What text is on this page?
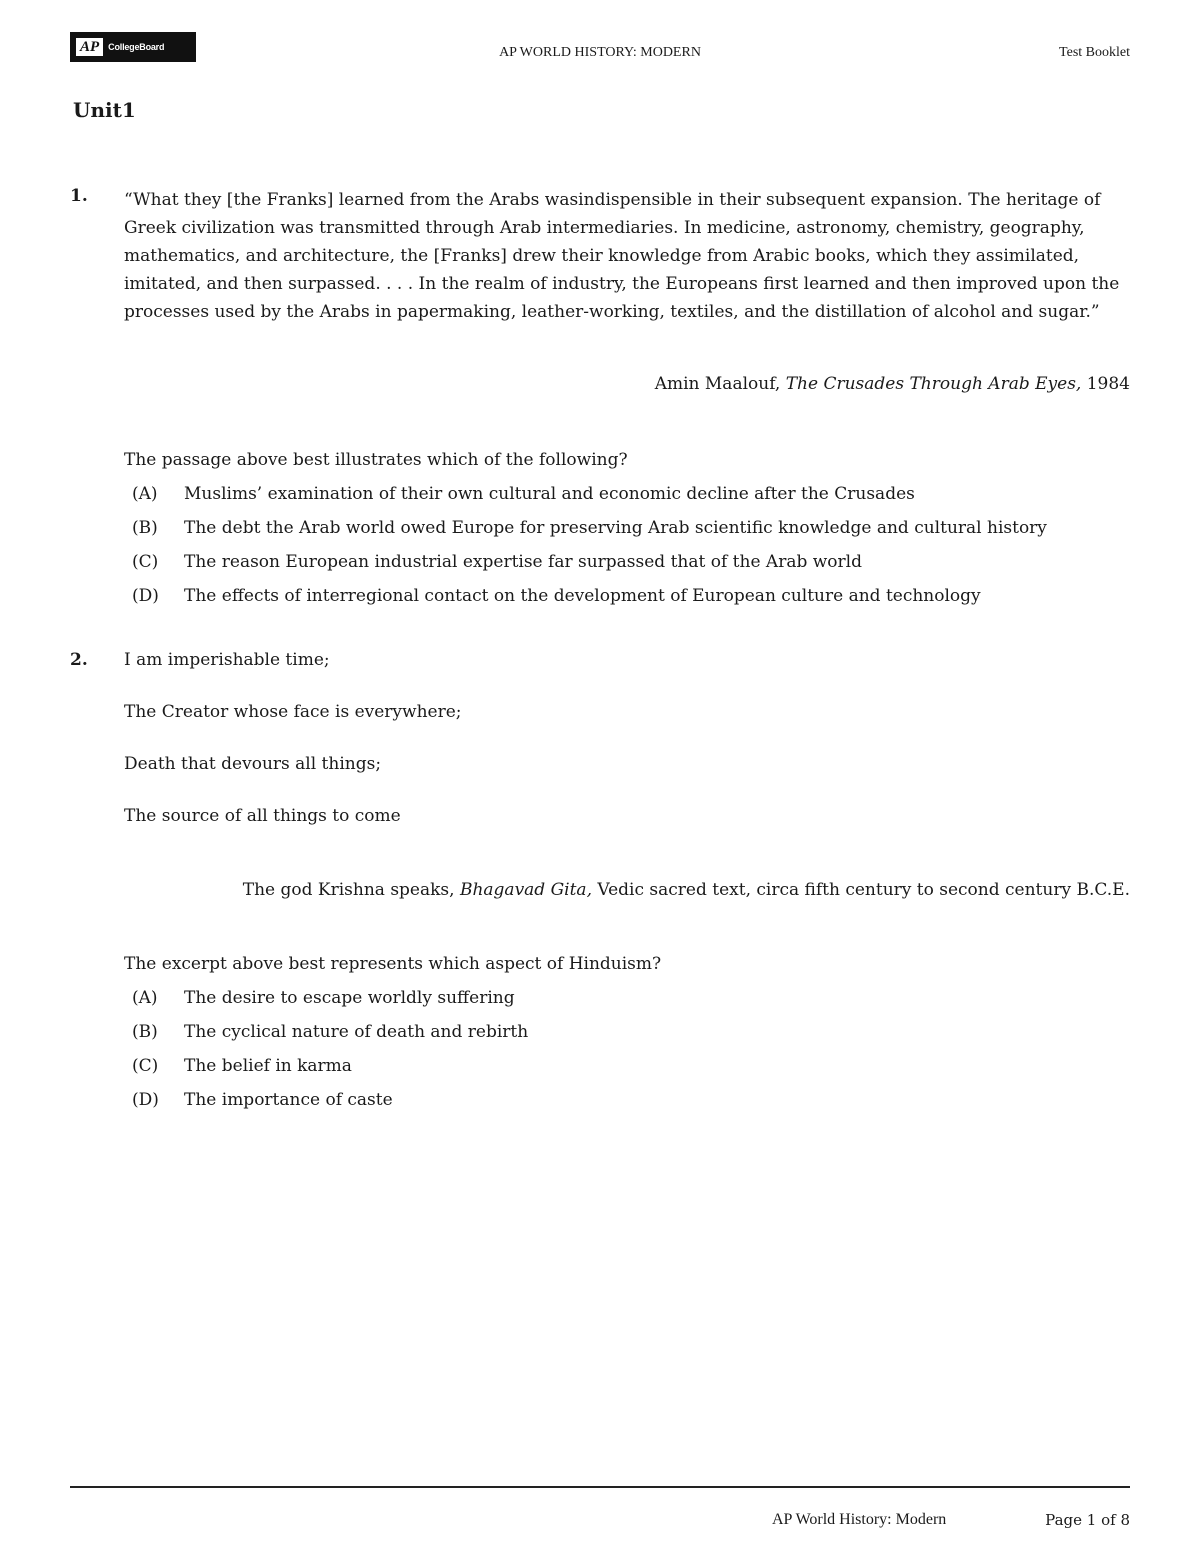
AP	CollegeBoard	AP WORLD HISTORY: MODERN	Test Booklet
Unit1
1. “What they [the Franks] learned from the Arabs wasindispensible in their subsequent expansion. The heritage of Greek civilization was transmitted through Arab intermediaries. In medicine, astronomy, chemistry, geography, mathematics, and architecture, the [Franks] drew their knowledge from Arabic books, which they assimilated, imitated, and then surpassed. . . . In the realm of industry, the Europeans first learned and then improved upon the processes used by the Arabs in papermaking, leather-working, textiles, and the distillation of alcohol and sugar.”

Amin Maalouf, The Crusades Through Arab Eyes, 1984

The passage above best illustrates which of the following?

(A)	Muslims’ examination of their own cultural and economic decline after the Crusades
(B)	The debt the Arab world owed Europe for preserving Arab scientific knowledge and cultural history
(C)	The reason European industrial expertise far surpassed that of the Arab world
(D)	The effects of interregional contact on the development of European culture and technology
2. I am imperishable time;

The Creator whose face is everywhere;

Death that devours all things;

The source of all things to come

The god Krishna speaks, Bhagavad Gita, Vedic sacred text, circa fifth century to second century B.C.E.

The excerpt above best represents which aspect of Hinduism?

(A)	The desire to escape worldly suffering
(B)	The cyclical nature of death and rebirth
(C)	The belief in karma
(D)	The importance of caste
AP World History: Modern	Page 1 of 8
